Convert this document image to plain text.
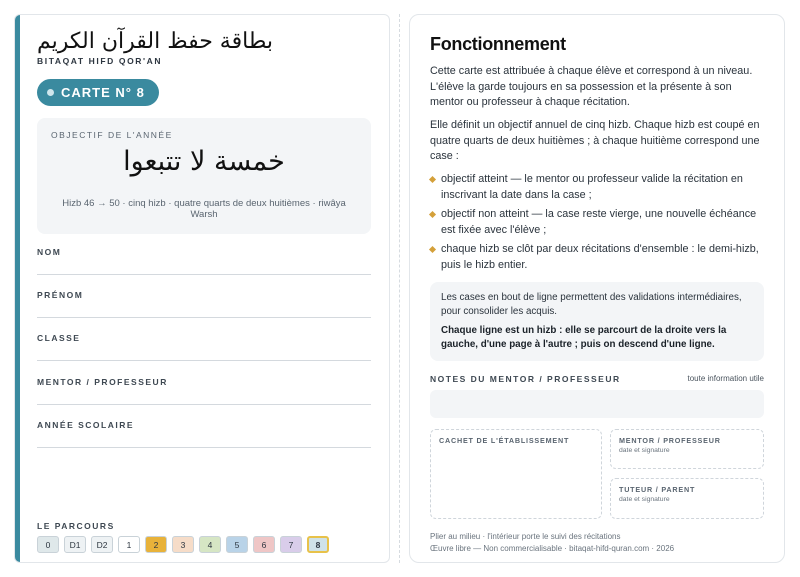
بطاقة حفظ القرآن الكريم
BITAQAT HIFD QOR'AN
CARTE N° 8
OBJECTIF DE L'ANNÉE
خمسة لا تتبعوا
Hizb 46 → 50 · cinq hizb · quatre quarts de deux huitièmes · riwâya Warsh
NOM
PRÉNOM
CLASSE
MENTOR / PROFESSEUR
ANNÉE SCOLAIRE
LE PARCOURS
0	D1	D2	1	2	3	4	5	6	7	8
Fonctionnement
Cette carte est attribuée à chaque élève et correspond à un niveau. L'élève la garde toujours en sa possession et la présente à son mentor ou professeur à chaque récitation.
Elle définit un objectif annuel de cinq hizb. Chaque hizb est coupé en quatre quarts de deux huitièmes ; à chaque huitième correspond une case :
objectif atteint — le mentor ou professeur valide la récitation en inscrivant la date dans la case ;
objectif non atteint — la case reste vierge, une nouvelle échéance est fixée avec l'élève ;
chaque hizb se clôt par deux récitations d'ensemble : le demi-hizb, puis le hizb entier.
Les cases en bout de ligne permettent des validations intermédiaires, pour consolider les acquis.
Chaque ligne est un hizb : elle se parcourt de la droite vers la gauche, d'une page à l'autre ; puis on descend d'une ligne.
NOTES DU MENTOR / PROFESSEUR	toute information utile
CACHET DE L'ÉTABLISSEMENT	MENTOR / PROFESSEUR
date et signature
TUTEUR / PARENT
date et signature
Plier au milieu · l'intérieur porte le suivi des récitations
Œuvre libre — Non commercialisable · bitaqat-hifd-quran.com · 2026
